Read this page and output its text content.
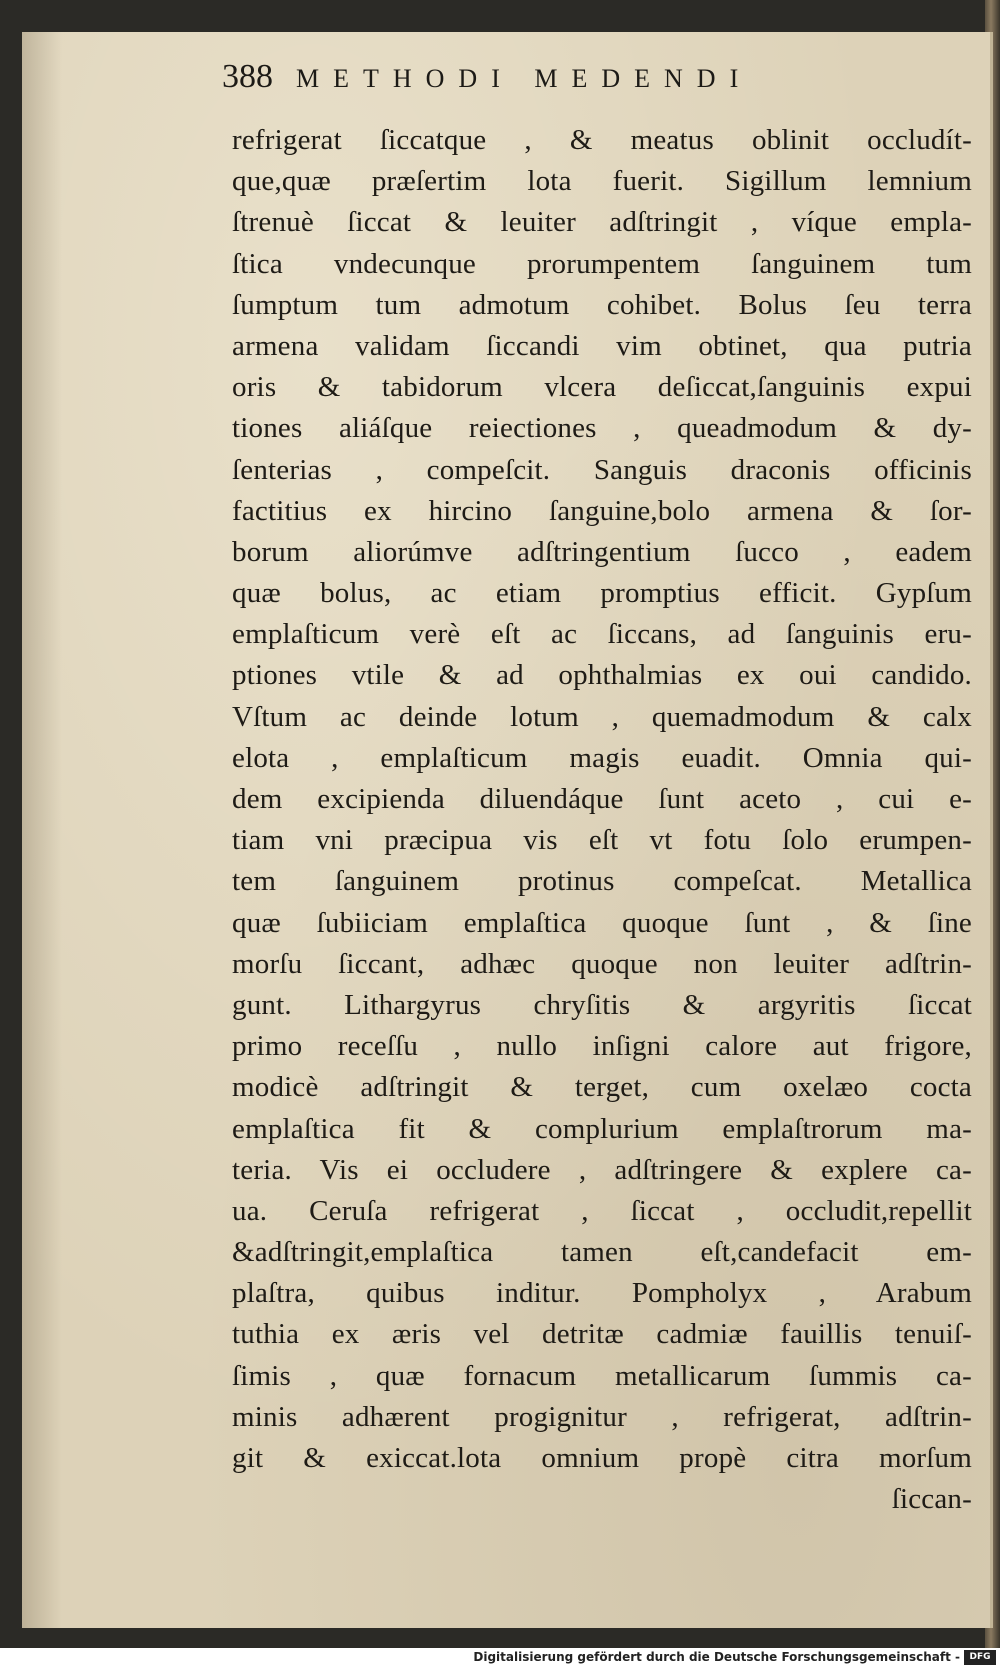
388 METHODI MEDENDI
refrigerat ſiccatque , & meatus oblinit occludít-
que,quæ præſertim lota fuerit. Sigillum lemnium
ſtrenuè ſiccat & leuiter adſtringit , víque empla-
ſtica vndecunque prorumpentem ſanguinem tum
ſumptum tum admotum cohibet. Bolus ſeu terra
armena validam ſiccandi vim obtinet, qua putria
oris & tabidorum vlcera deſiccat,ſanguinis expui
tiones aliáſque reiectiones , queadmodum & dy-
ſenterias , compeſcit. Sanguis draconis officinis
factitius ex hircino ſanguine,bolo armena & ſor-
borum aliorúmve adſtringentium ſucco , eadem
quæ bolus, ac etiam promptius efficit. Gypſum
emplaſticum verè eſt ac ſiccans, ad ſanguinis eru-
ptiones vtile & ad ophthalmias ex oui candido.
Vſtum ac deinde lotum , quemadmodum & calx
elota , emplaſticum magis euadit. Omnia qui-
dem excipienda diluendáque ſunt aceto , cui e-
tiam vni præcipua vis eſt vt fotu ſolo erumpen-
tem ſanguinem protinus compeſcat. Metallica
quæ ſubiiciam emplaſtica quoque ſunt , & ſine
morſu ſiccant, adhæc quoque non leuiter adſtrin-
gunt. Lithargyrus chryſitis & argyritis ſiccat
primo receſſu , nullo inſigni calore aut frigore,
modicè adſtringit & terget, cum oxelæo cocta
emplaſtica fit & complurium emplaſtrorum ma-
teria. Vis ei occludere , adſtringere & explere ca-
ua. Ceruſa refrigerat , ſiccat , occludit,repellit
&adſtringit,emplaſtica tamen eſt,candefacit em-
plaſtra, quibus inditur. Pompholyx , Arabum
tuthia ex æris vel detritæ cadmiæ fauillis tenuiſ-
ſimis , quæ fornacum metallicarum ſummis ca-
minis adhærent progignitur , refrigerat, adſtrin-
git & exiccat.lota omnium propè citra morſum
ſiccan-
Digitalisierung gefördert durch die Deutsche Forschungsgemeinschaft -	DFG
